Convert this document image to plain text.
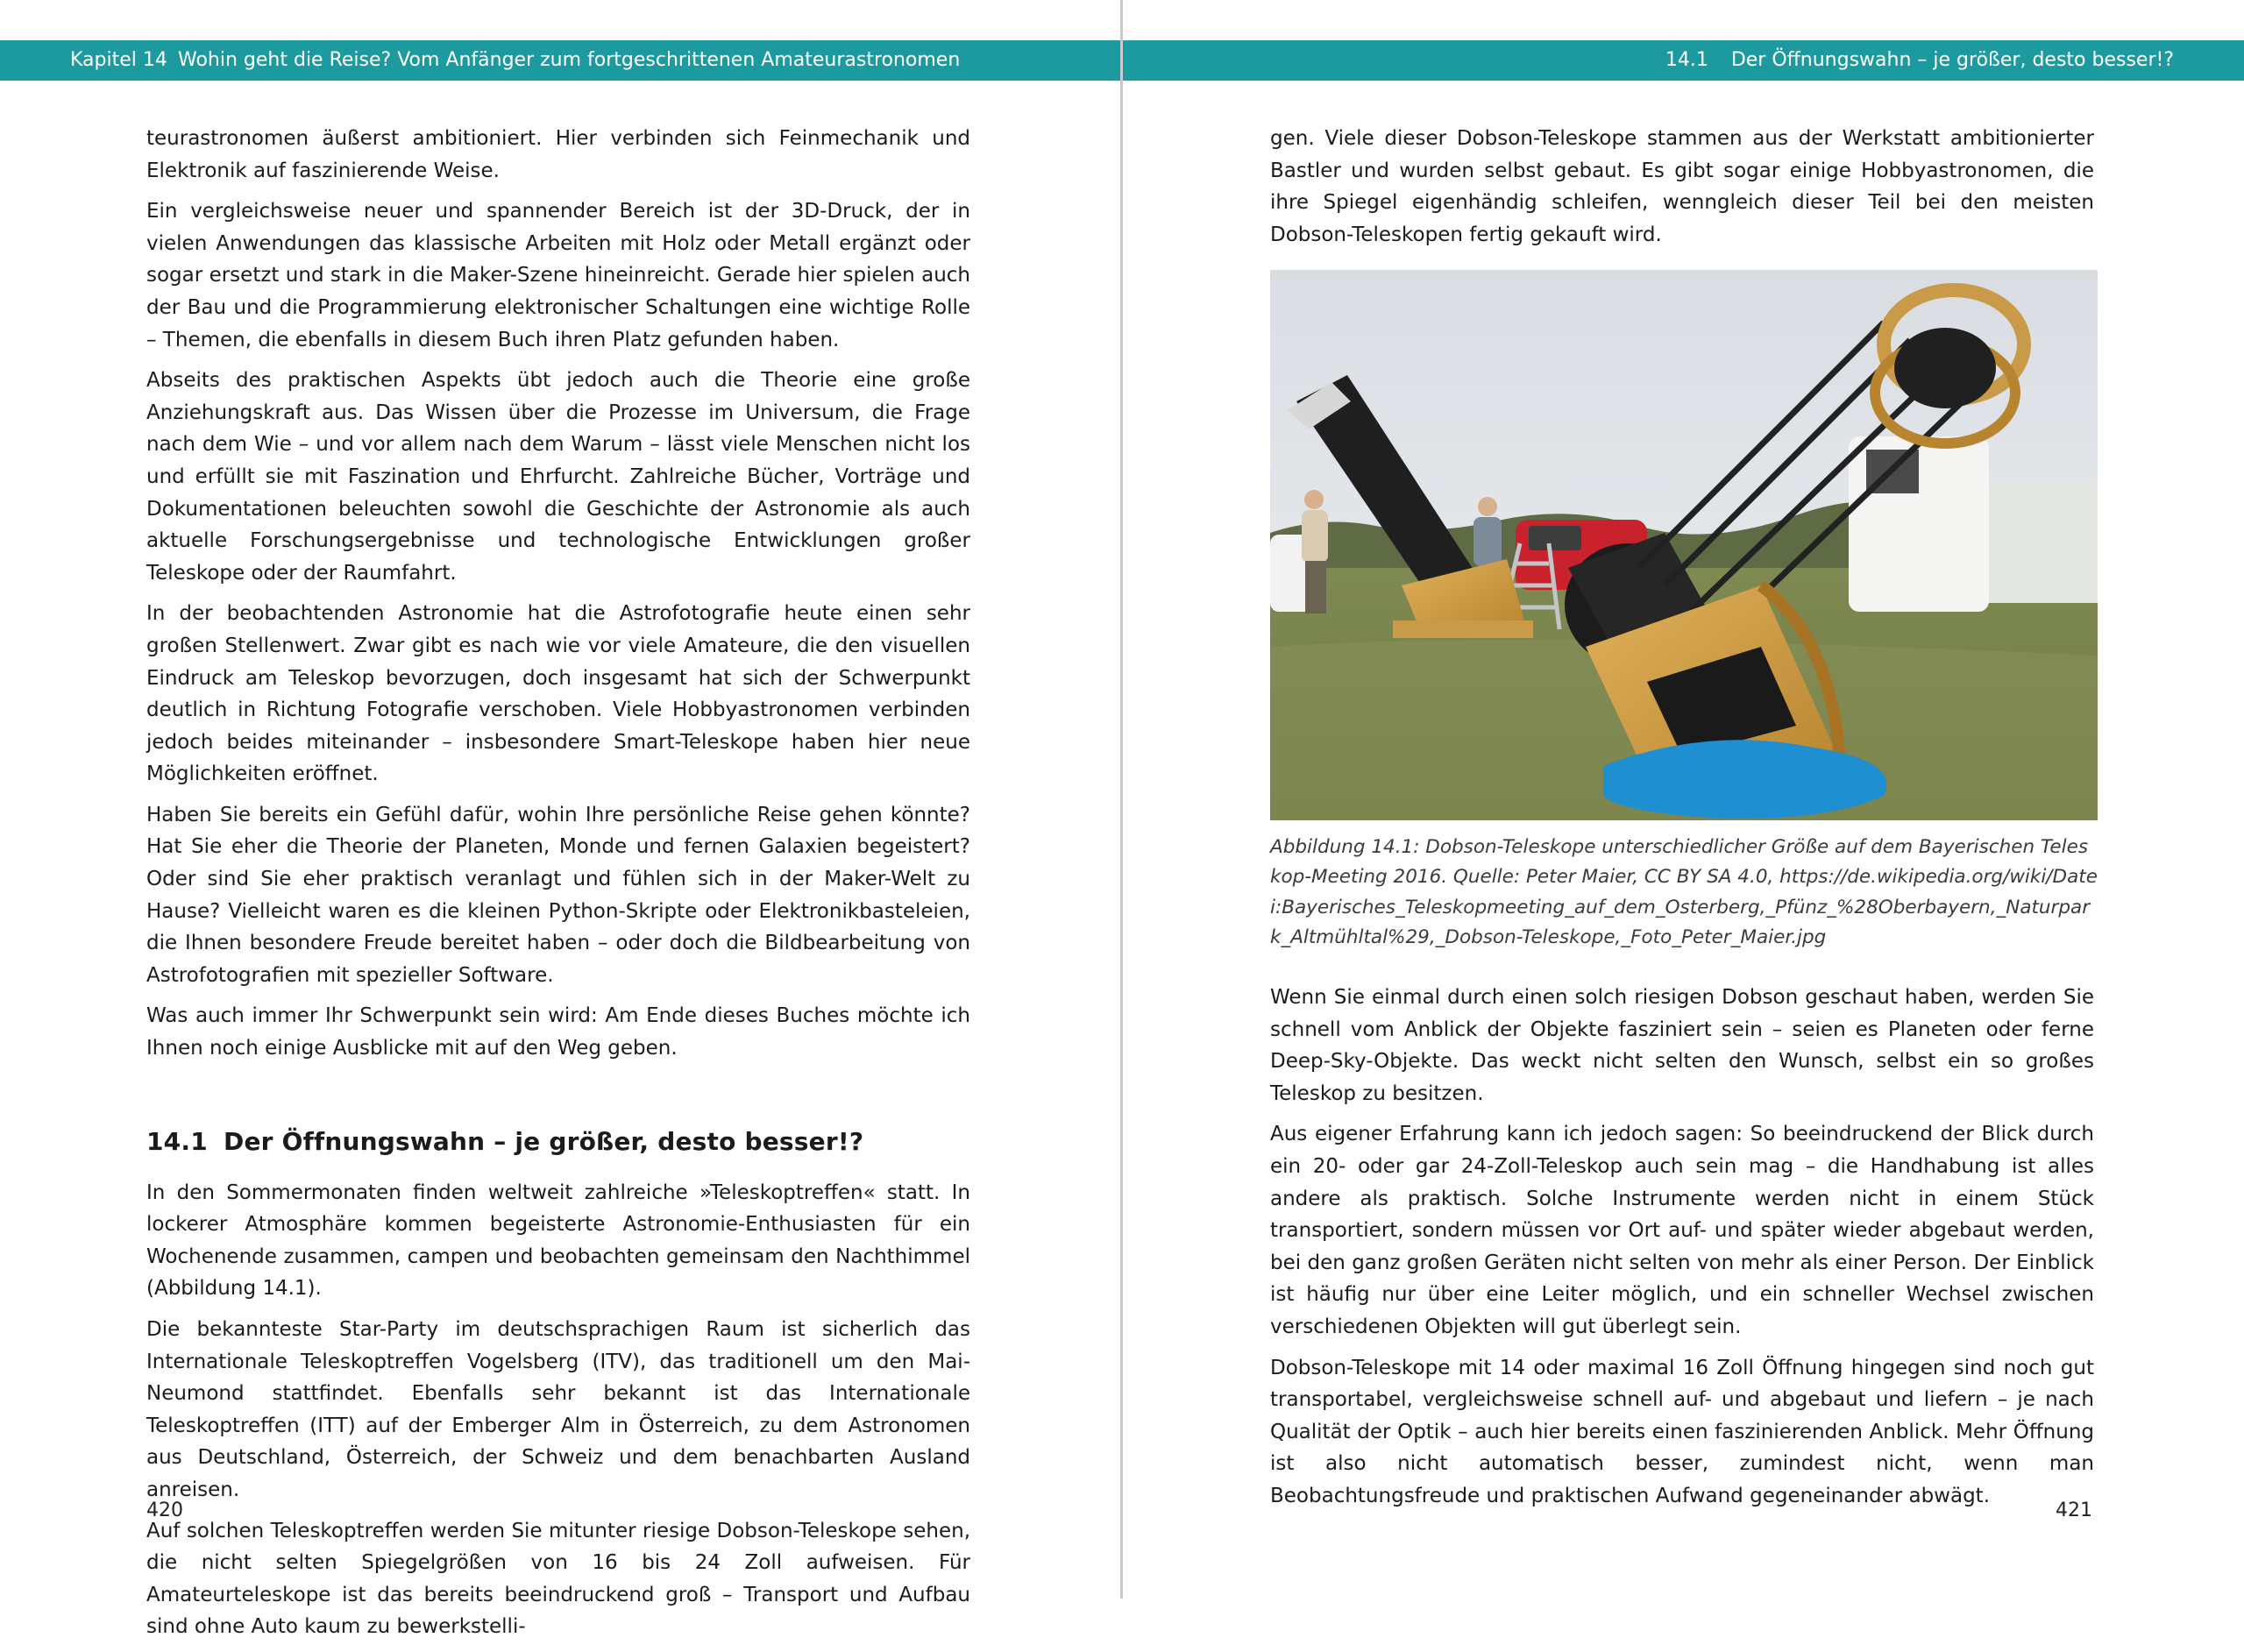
Kapitel 14 Wohin geht die Reise? Vom Anfänger zum fortgeschrittenen Amateurastronomen

teurastronomen äußerst ambitioniert. Hier verbinden sich Feinmechanik und Elektronik auf faszinierende Weise.

Ein vergleichsweise neuer und spannender Bereich ist der 3D-Druck, der in vielen Anwendungen das klassische Arbeiten mit Holz oder Metall ergänzt oder sogar ersetzt und stark in die Maker-Szene hineinreicht. Gerade hier spielen auch der Bau und die Programmierung elektronischer Schaltungen eine wichtige Rolle – Themen, die ebenfalls in diesem Buch ihren Platz gefunden haben.

Abseits des praktischen Aspekts übt jedoch auch die Theorie eine große Anziehungskraft aus. Das Wissen über die Prozesse im Universum, die Frage nach dem Wie – und vor allem nach dem Warum – lässt viele Menschen nicht los und erfüllt sie mit Faszination und Ehrfurcht. Zahlreiche Bücher, Vorträge und Dokumentationen beleuchten sowohl die Geschichte der Astronomie als auch aktuelle Forschungsergebnisse und technologische Entwicklungen großer Teleskope oder der Raumfahrt.

In der beobachtenden Astronomie hat die Astrofotografie heute einen sehr großen Stellenwert. Zwar gibt es nach wie vor viele Amateure, die den visuellen Eindruck am Teleskop bevorzugen, doch insgesamt hat sich der Schwerpunkt deutlich in Richtung Fotografie verschoben. Viele Hobbyastronomen verbinden jedoch beides miteinander – insbesondere Smart-Teleskope haben hier neue Möglichkeiten eröffnet.

Haben Sie bereits ein Gefühl dafür, wohin Ihre persönliche Reise gehen könnte? Hat Sie eher die Theorie der Planeten, Monde und fernen Galaxien begeistert? Oder sind Sie eher praktisch veranlagt und fühlen sich in der Maker-Welt zu Hause? Vielleicht waren es die kleinen Python-Skripte oder Elektronikbasteleien, die Ihnen besondere Freude bereitet haben – oder doch die Bildbearbeitung von Astrofotografien mit spezieller Software.

Was auch immer Ihr Schwerpunkt sein wird: Am Ende dieses Buches möchte ich Ihnen noch einige Ausblicke mit auf den Weg geben.

14.1 Der Öffnungswahn – je größer, desto besser!?

In den Sommermonaten finden weltweit zahlreiche »Teleskoptreffen« statt. In lockerer Atmosphäre kommen begeisterte Astronomie-Enthusiasten für ein Wochenende zusammen, campen und beobachten gemeinsam den Nachthimmel (Abbildung 14.1).

Die bekannteste Star-Party im deutschsprachigen Raum ist sicherlich das Internationale Teleskoptreffen Vogelsberg (ITV), das traditionell um den Mai-Neumond stattfindet. Ebenfalls sehr bekannt ist das Internationale Teleskoptreffen (ITT) auf der Emberger Alm in Österreich, zu dem Astronomen aus Deutschland, Österreich, der Schweiz und dem benachbarten Ausland anreisen.

Auf solchen Teleskoptreffen werden Sie mitunter riesige Dobson-Teleskope sehen, die nicht selten Spiegelgrößen von 16 bis 24 Zoll aufweisen. Für Amateurteleskope ist das bereits beeindruckend groß – Transport und Aufbau sind ohne Auto kaum zu bewerkstelli-

420
14.1 Der Öffnungswahn – je größer, desto besser!?

gen. Viele dieser Dobson-Teleskope stammen aus der Werkstatt ambitionierter Bastler und wurden selbst gebaut. Es gibt sogar einige Hobbyastronomen, die ihre Spiegel eigenhändig schleifen, wenngleich dieser Teil bei den meisten Dobson-Teleskopen fertig gekauft wird.

Abbildung 14.1: Dobson-Teleskope unterschiedlicher Größe auf dem Bayerischen Teleskop-Meeting 2016. Quelle: Peter Maier, CC BY SA 4.0, https://de.wikipedia.org/wiki/Datei:Bayerisches_Teleskopmeeting_auf_dem_Osterberg,_Pfünz_%28Oberbayern,_Naturpark_Altmühltal%29,_Dobson-Teleskope,_Foto_Peter_Maier.jpg

Wenn Sie einmal durch einen solch riesigen Dobson geschaut haben, werden Sie schnell vom Anblick der Objekte fasziniert sein – seien es Planeten oder ferne Deep-Sky-Objekte. Das weckt nicht selten den Wunsch, selbst ein so großes Teleskop zu besitzen.

Aus eigener Erfahrung kann ich jedoch sagen: So beeindruckend der Blick durch ein 20- oder gar 24-Zoll-Teleskop auch sein mag – die Handhabung ist alles andere als praktisch. Solche Instrumente werden nicht in einem Stück transportiert, sondern müssen vor Ort auf- und später wieder abgebaut werden, bei den ganz großen Geräten nicht selten von mehr als einer Person. Der Einblick ist häufig nur über eine Leiter möglich, und ein schneller Wechsel zwischen verschiedenen Objekten will gut überlegt sein.

Dobson-Teleskope mit 14 oder maximal 16 Zoll Öffnung hingegen sind noch gut transportabel, vergleichsweise schnell auf- und abgebaut und liefern – je nach Qualität der Optik – auch hier bereits einen faszinierenden Anblick. Mehr Öffnung ist also nicht automatisch besser, zumindest nicht, wenn man Beobachtungsfreude und praktischen Aufwand gegeneinander abwägt.

421
